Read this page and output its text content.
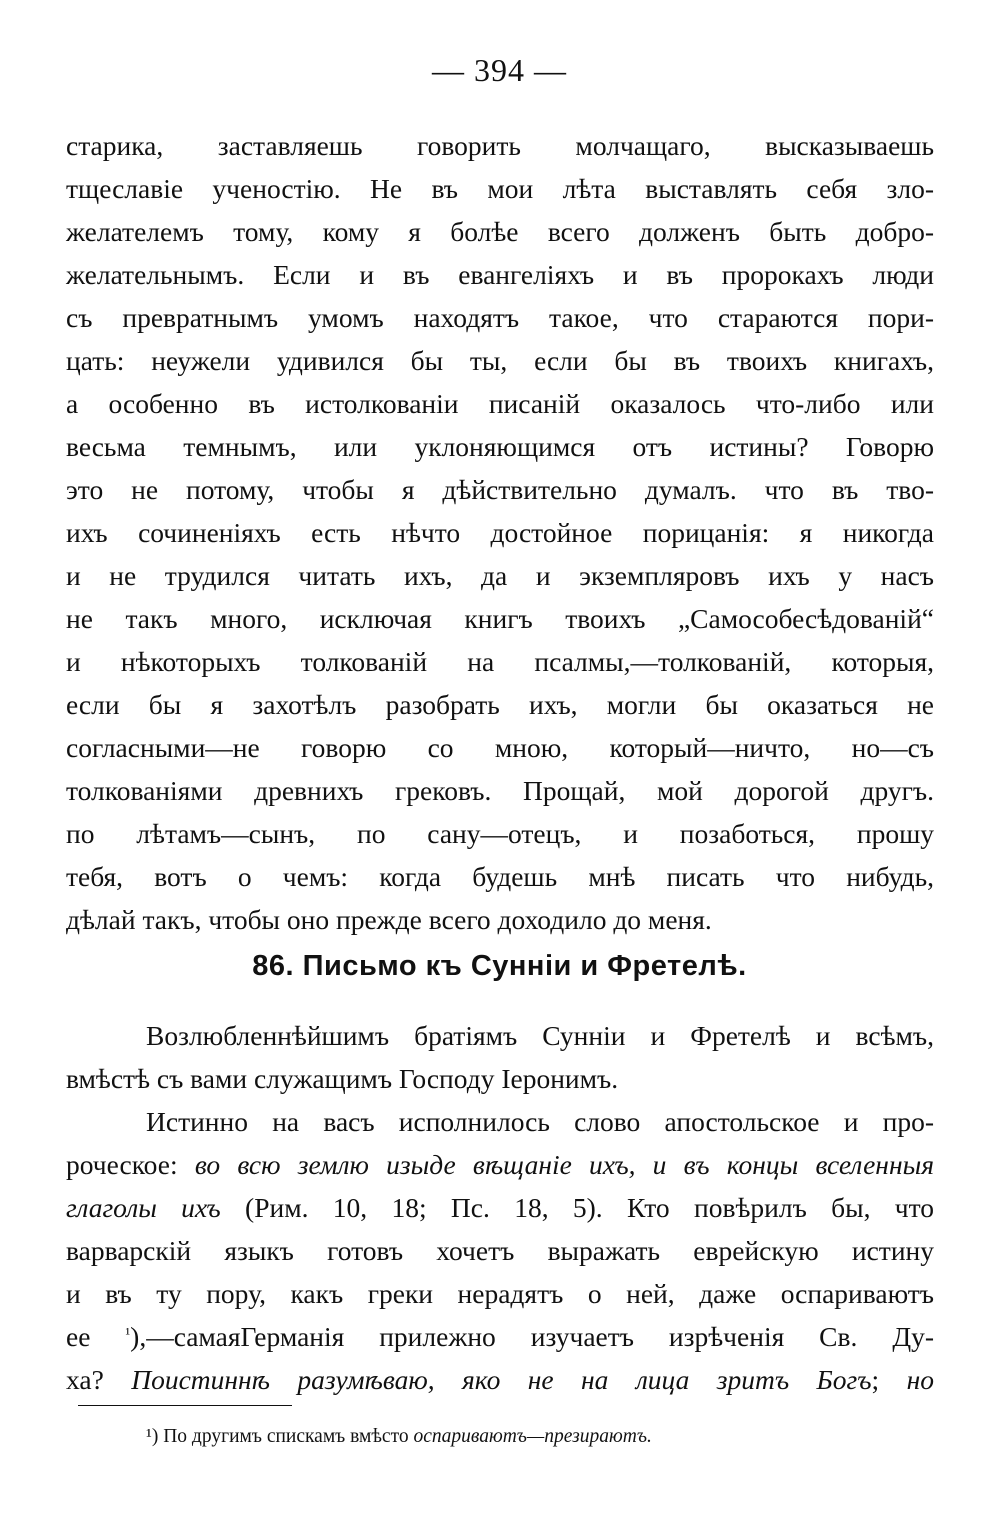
— 394 —
старика, заставляешь говорить молчащаго, высказываешь
тщеславіе ученостію. Не въ мои лѣта выставлять себя зло-
желателемъ тому, кому я болѣе всего долженъ быть добро-
желательнымъ. Если и въ евангеліяхъ и въ пророкахъ люди
съ превратнымъ умомъ находятъ такое, что стараются пори-
цать: неужели удивился бы ты, если бы въ твоихъ книгахъ,
а особенно въ истолкованіи писаній оказалось что-либо или
весьма темнымъ, или уклоняющимся отъ истины? Говорю
это не потому, чтобы я дѣйствительно думалъ. что въ тво-
ихъ сочиненіяхъ есть нѣчто достойное порицанія: я никогда
и не трудился читать ихъ, да и экземпляровъ ихъ у насъ
не такъ много, исключая книгъ твоихъ „Самособесѣдованій“
и нѣкоторыхъ толкованій на псалмы,—толкованій, которыя,
если бы я захотѣлъ разобрать ихъ, могли бы оказаться не
согласными—не говорю со мною, который—ничто, но—съ
толкованіями древнихъ грековъ. Прощай, мой дорогой другъ.
по лѣтамъ—сынъ, по сану—отецъ, и позаботься, прошу
тебя, вотъ о чемъ: когда будешь мнѣ писать что нибудь,
дѣлай такъ, чтобы оно прежде всего доходило до меня.
86. Письмо къ Сунніи и Фретелѣ.
Возлюбленнѣйшимъ братіямъ Сунніи и Фретелѣ и всѣмъ,
вмѣстѣ съ вами служащимъ Господу Іеронимъ.
Истинно на васъ исполнилось слово апостольское и про-
роческое: во всю землю изыде вѣщаніе ихъ, и въ концы вселенныя
глаголы ихъ (Рим. 10, 18; Пс. 18, 5). Кто повѣрилъ бы, что
варварскій языкъ готовъ хочетъ выражать еврейскую истину
и въ ту пору, какъ греки нерадятъ о ней, даже оспариваютъ
ее $^{^1}$),—самаяГерманія прилежно изучаетъ изрѣченія Св. Ду-
ха? Поистиннѣ разумѣваю, яко не на лица зритъ Богъ; но
¹) По другимъ спискамъ вмѣсто оспариваютъ—презираютъ.
